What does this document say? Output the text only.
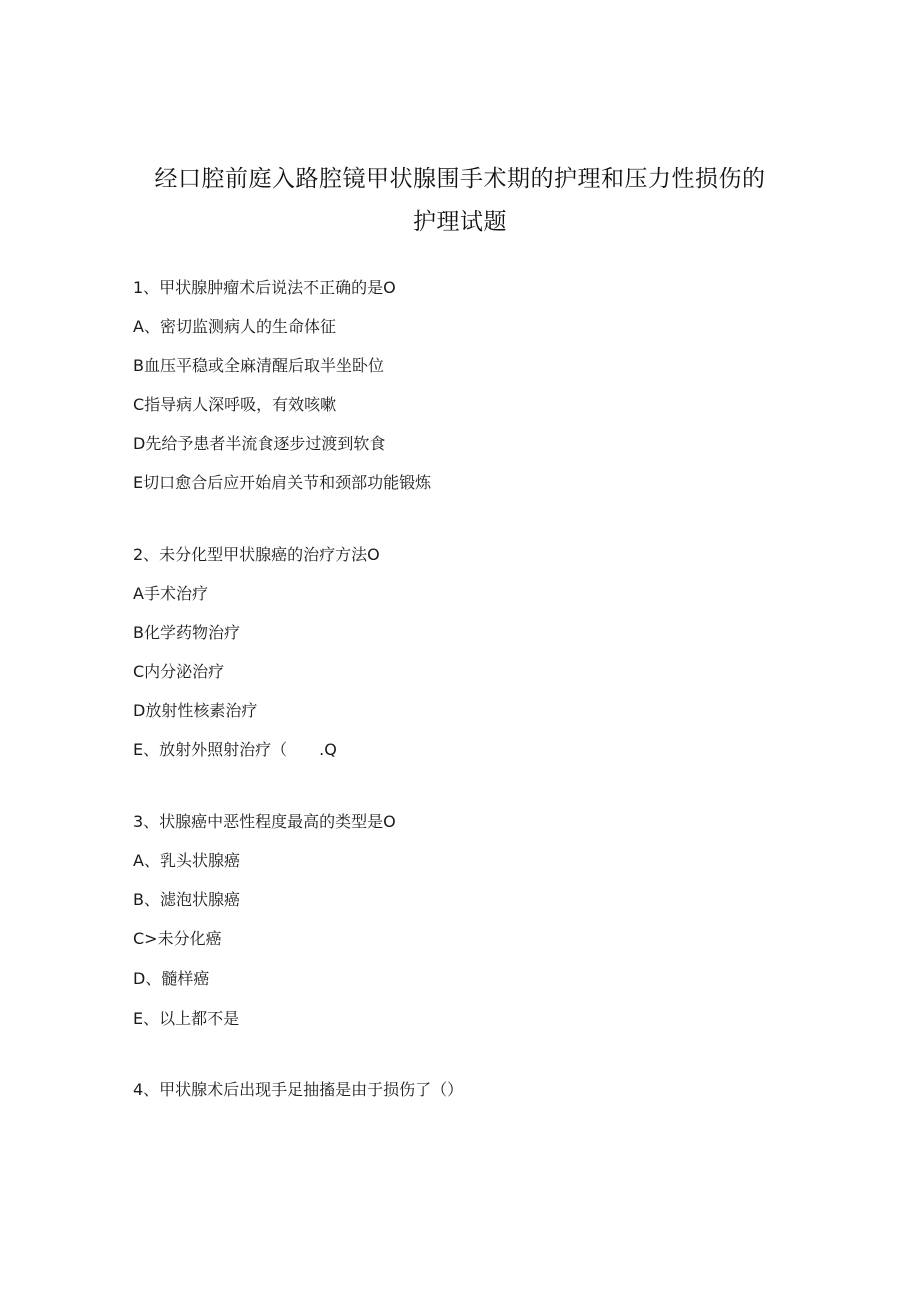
经口腔前庭入路腔镜甲状腺围手术期的护理和压力性损伤的
护理试题
1、甲状腺肿瘤术后说法不正确的是O
A、密切监测病人的生命体征
B血压平稳或全麻清醒后取半坐卧位
C指导病人深呼吸，有效咳嗽
D先给予患者半流食逐步过渡到软食
E切口愈合后应开始肩关节和颈部功能锻炼
2、未分化型甲状腺癌的治疗方法O
A手术治疗
B化学药物治疗
C内分泌治疗
D放射性核素治疗
E、放射外照射治疗（　　.Q
3、状腺癌中恶性程度最高的类型是O
A、乳头状腺癌
B、滤泡状腺癌
C>未分化癌
D、髓样癌
E、以上都不是
4、甲状腺术后出现手足抽搐是由于损伤了（）
